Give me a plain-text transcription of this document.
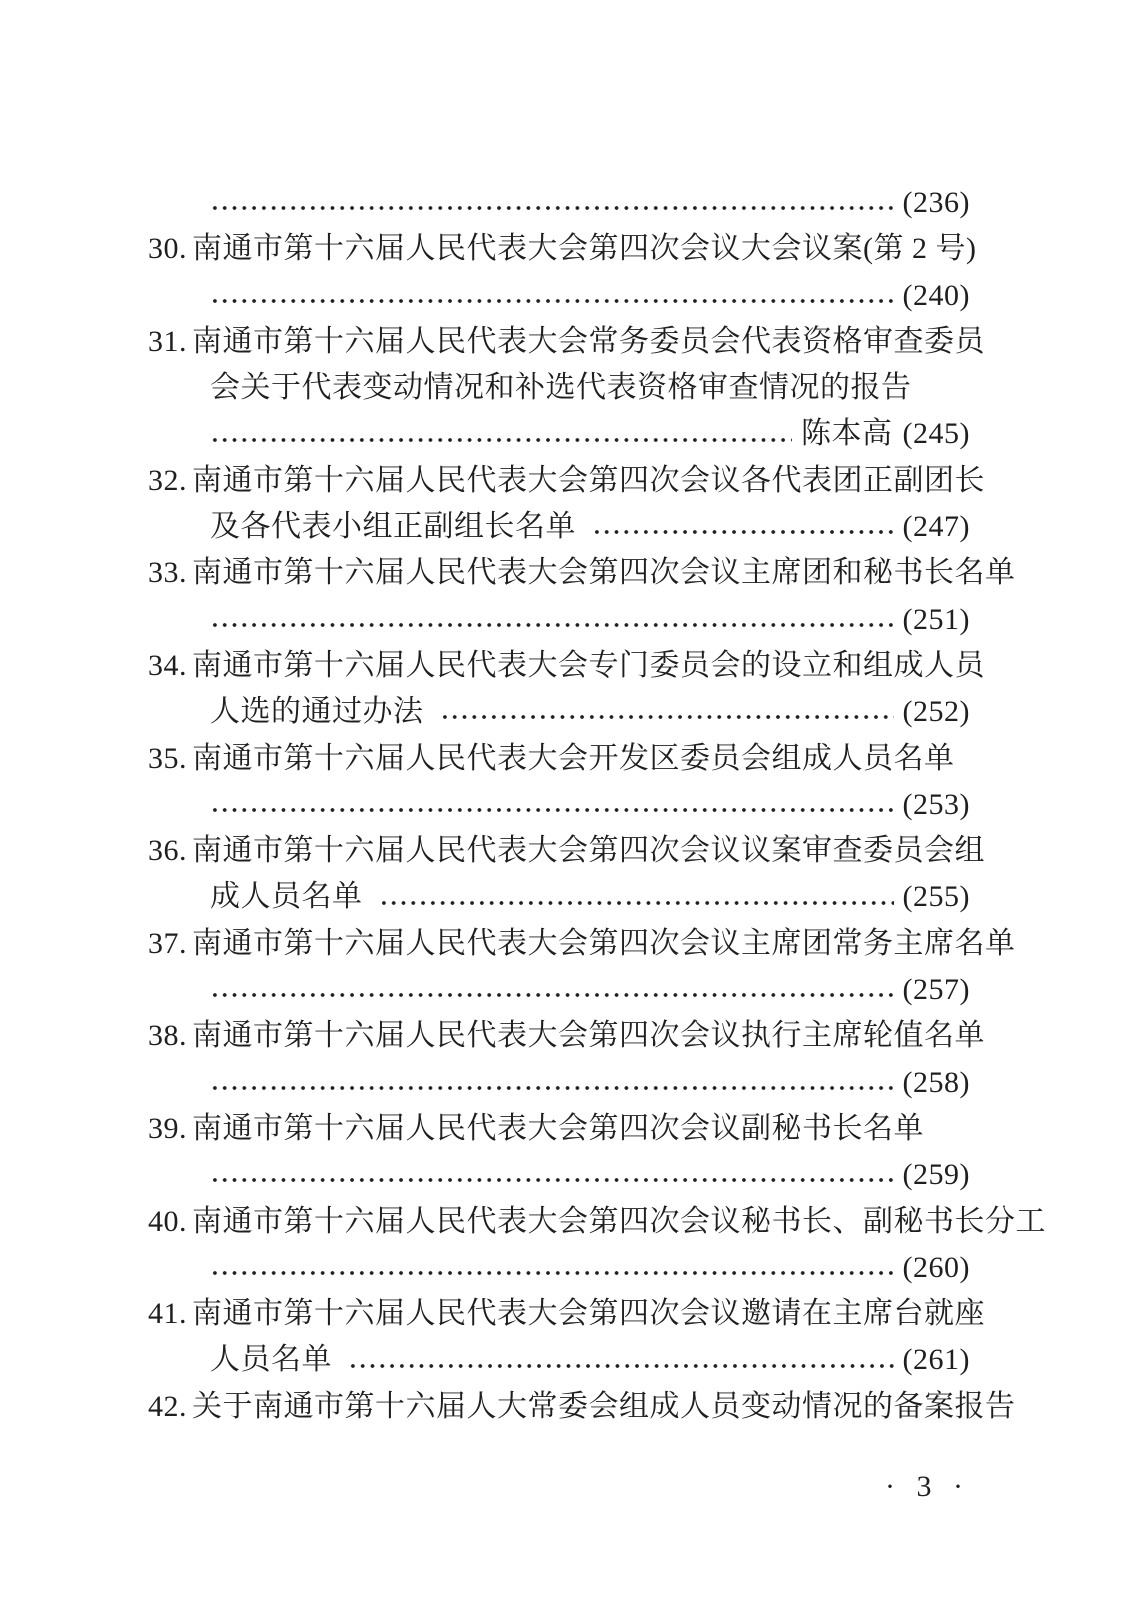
(236)
30. 南通市第十六届人民代表大会第四次会议大会议案(第 2 号)
(240)
31. 南通市第十六届人民代表大会常务委员会代表资格审查委员
会关于代表变动情况和补选代表资格审查情况的报告
陈本高 (245)
32. 南通市第十六届人民代表大会第四次会议各代表团正副团长
及各代表小组正副组长名单	(247)
33. 南通市第十六届人民代表大会第四次会议主席团和秘书长名单
(251)
34. 南通市第十六届人民代表大会专门委员会的设立和组成人员
人选的通过办法	(252)
35. 南通市第十六届人民代表大会开发区委员会组成人员名单
(253)
36. 南通市第十六届人民代表大会第四次会议议案审查委员会组
成人员名单	(255)
37. 南通市第十六届人民代表大会第四次会议主席团常务主席名单
(257)
38. 南通市第十六届人民代表大会第四次会议执行主席轮值名单
(258)
39. 南通市第十六届人民代表大会第四次会议副秘书长名单
(259)
40. 南通市第十六届人民代表大会第四次会议秘书长、副秘书长分工
(260)
41. 南通市第十六届人民代表大会第四次会议邀请在主席台就座
人员名单	(261)
42. 关于南通市第十六届人大常委会组成人员变动情况的备案报告
· 3 ·
